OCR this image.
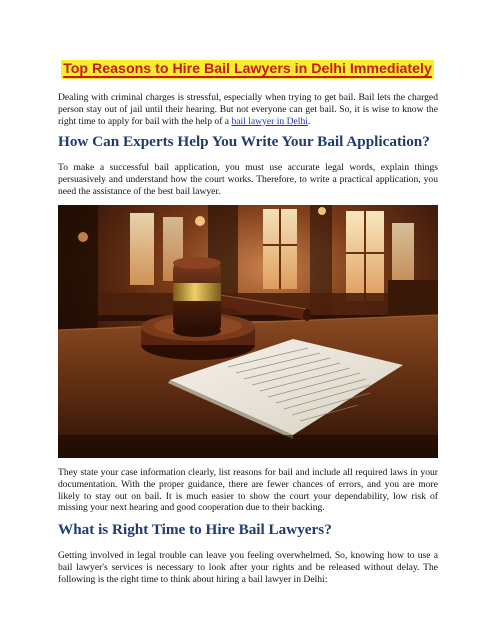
Top Reasons to Hire Bail Lawyers in Delhi Immediately

Dealing with criminal charges is stressful, especially when trying to get bail. Bail lets the charged person stay out of jail until their hearing. But not everyone can get bail. So, it is wise to know the right time to apply for bail with the help of a bail lawyer in Delhi.

How Can Experts Help You Write Your Bail Application?

To make a successful bail application, you must use accurate legal words, explain things persuasively and understand how the court works. Therefore, to write a practical application, you need the assistance of the best bail lawyer.

They state your case information clearly, list reasons for bail and include all required laws in your documentation. With the proper guidance, there are fewer chances of errors, and you are more likely to stay out on bail. It is much easier to show the court your dependability, low risk of missing your next hearing and good cooperation due to their backing.

What is Right Time to Hire Bail Lawyers?

Getting involved in legal trouble can leave you feeling overwhelmed. So, knowing how to use a bail lawyer's services is necessary to look after your rights and be released without delay. The following is the right time to think about hiring a bail lawyer in Delhi:
